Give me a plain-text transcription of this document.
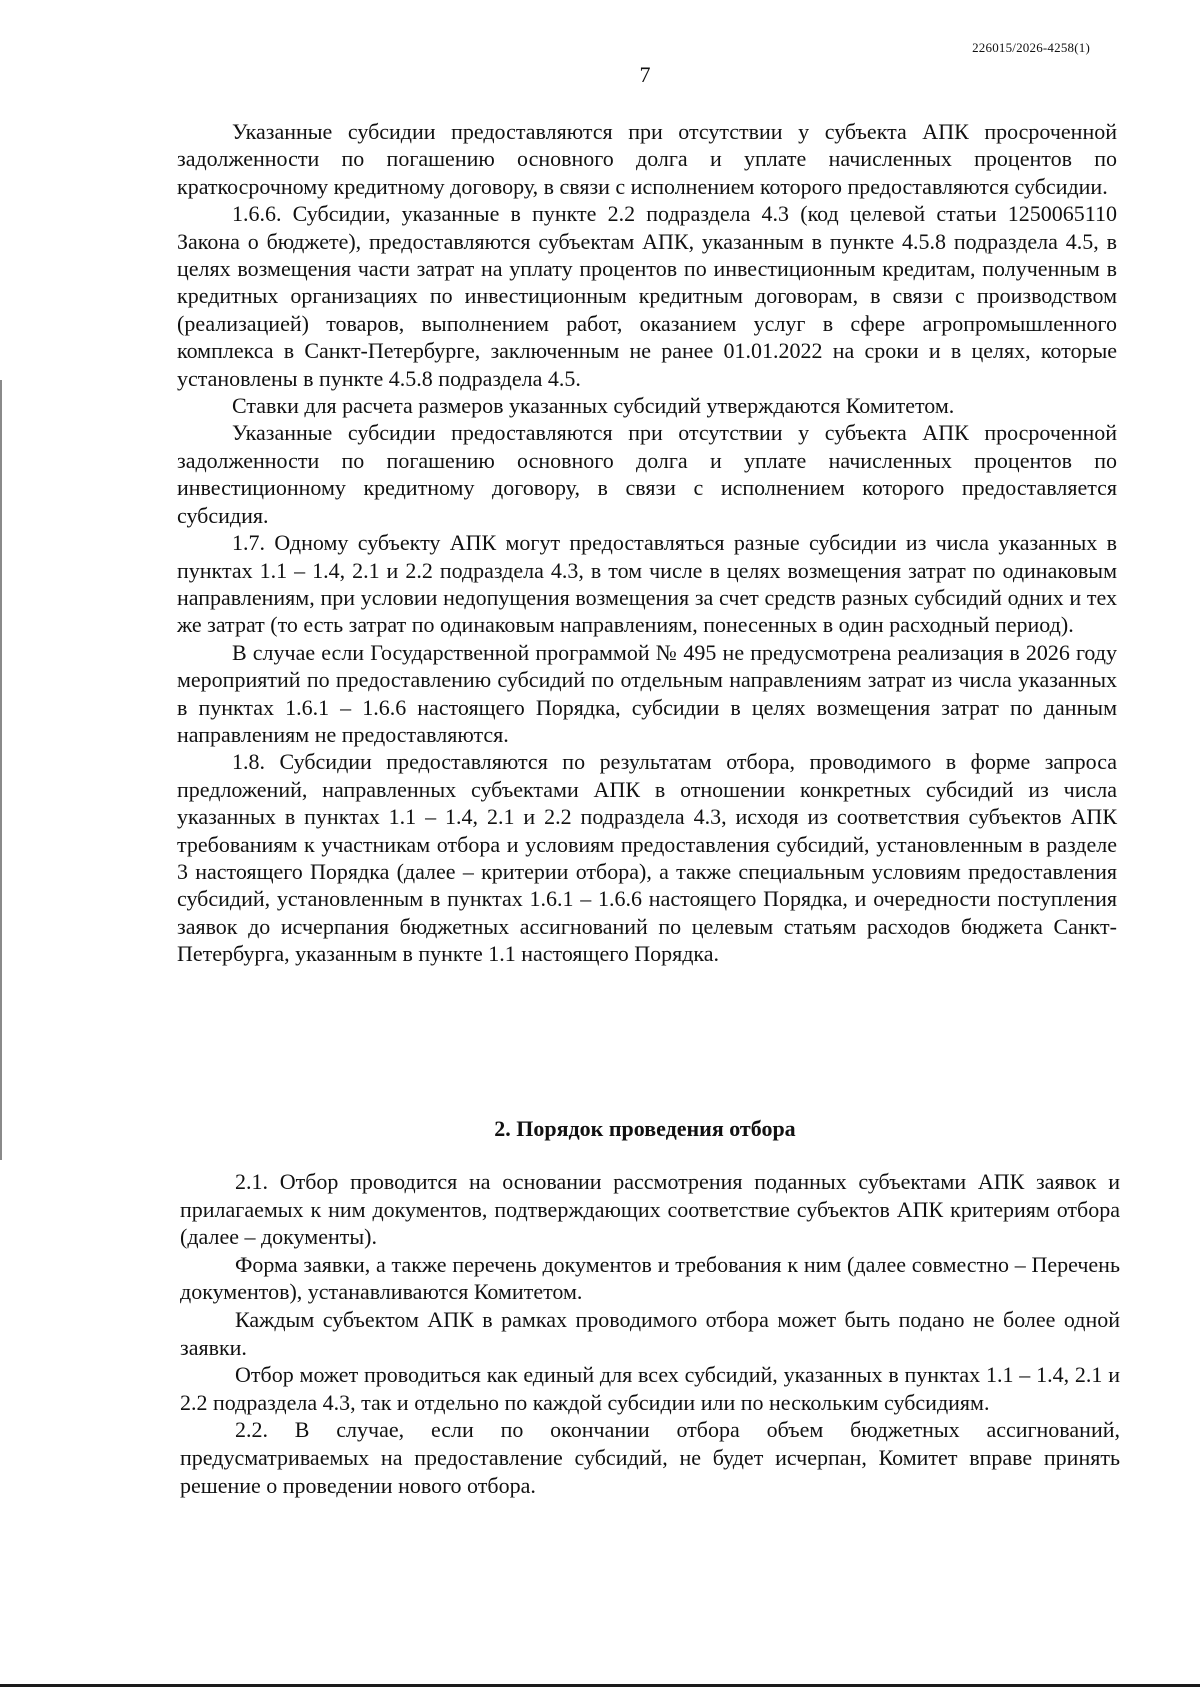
226015/2026-4258(1)
7

Указанные субсидии предоставляются при отсутствии у субъекта АПК просроченной задолженности по погашению основного долга и уплате начисленных процентов по краткосрочному кредитному договору, в связи с исполнением которого предоставляются субсидии.

1.6.6. Субсидии, указанные в пункте 2.2 подраздела 4.3 (код целевой статьи 1250065110 Закона о бюджете), предоставляются субъектам АПК, указанным в пункте 4.5.8 подраздела 4.5, в целях возмещения части затрат на уплату процентов по инвестиционным кредитам, полученным в кредитных организациях по инвестиционным кредитным договорам, в связи с производством (реализацией) товаров, выполнением работ, оказанием услуг в сфере агропромышленного комплекса в Санкт-Петербурге, заключенным не ранее 01.01.2022 на сроки и в целях, которые установлены в пункте 4.5.8 подраздела 4.5.

Ставки для расчета размеров указанных субсидий утверждаются Комитетом.

Указанные субсидии предоставляются при отсутствии у субъекта АПК просроченной задолженности по погашению основного долга и уплате начисленных процентов по инвестиционному кредитному договору, в связи с исполнением которого предоставляется субсидия.

1.7. Одному субъекту АПК могут предоставляться разные субсидии из числа указанных в пунктах 1.1 – 1.4, 2.1 и 2.2 подраздела 4.3, в том числе в целях возмещения затрат по одинаковым направлениям, при условии недопущения возмещения за счет средств разных субсидий одних и тех же затрат (то есть затрат по одинаковым направлениям, понесенных в один расходный период).

В случае если Государственной программой № 495 не предусмотрена реализация в 2026 году мероприятий по предоставлению субсидий по отдельным направлениям затрат из числа указанных в пунктах 1.6.1 – 1.6.6 настоящего Порядка, субсидии в целях возмещения затрат по данным направлениям не предоставляются.

1.8. Субсидии предоставляются по результатам отбора, проводимого в форме запроса предложений, направленных субъектами АПК в отношении конкретных субсидий из числа указанных в пунктах 1.1 – 1.4, 2.1 и 2.2 подраздела 4.3, исходя из соответствия субъектов АПК требованиям к участникам отбора и условиям предоставления субсидий, установленным в разделе 3 настоящего Порядка (далее – критерии отбора), а также специальным условиям предоставления субсидий, установленным в пунктах 1.6.1 – 1.6.6 настоящего Порядка, и очередности поступления заявок до исчерпания бюджетных ассигнований по целевым статьям расходов бюджета Санкт-Петербурга, указанным в пункте 1.1 настоящего Порядка.

2. Порядок проведения отбора

2.1. Отбор проводится на основании рассмотрения поданных субъектами АПК заявок и прилагаемых к ним документов, подтверждающих соответствие субъектов АПК критериям отбора (далее – документы).

Форма заявки, а также перечень документов и требования к ним (далее совместно – Перечень документов), устанавливаются Комитетом.

Каждым субъектом АПК в рамках проводимого отбора может быть подано не более одной заявки.

Отбор может проводиться как единый для всех субсидий, указанных в пунктах 1.1 – 1.4, 2.1 и 2.2 подраздела 4.3, так и отдельно по каждой субсидии или по нескольким субсидиям.

2.2. В случае, если по окончании отбора объем бюджетных ассигнований, предусматриваемых на предоставление субсидий, не будет исчерпан, Комитет вправе принять решение о проведении нового отбора.
